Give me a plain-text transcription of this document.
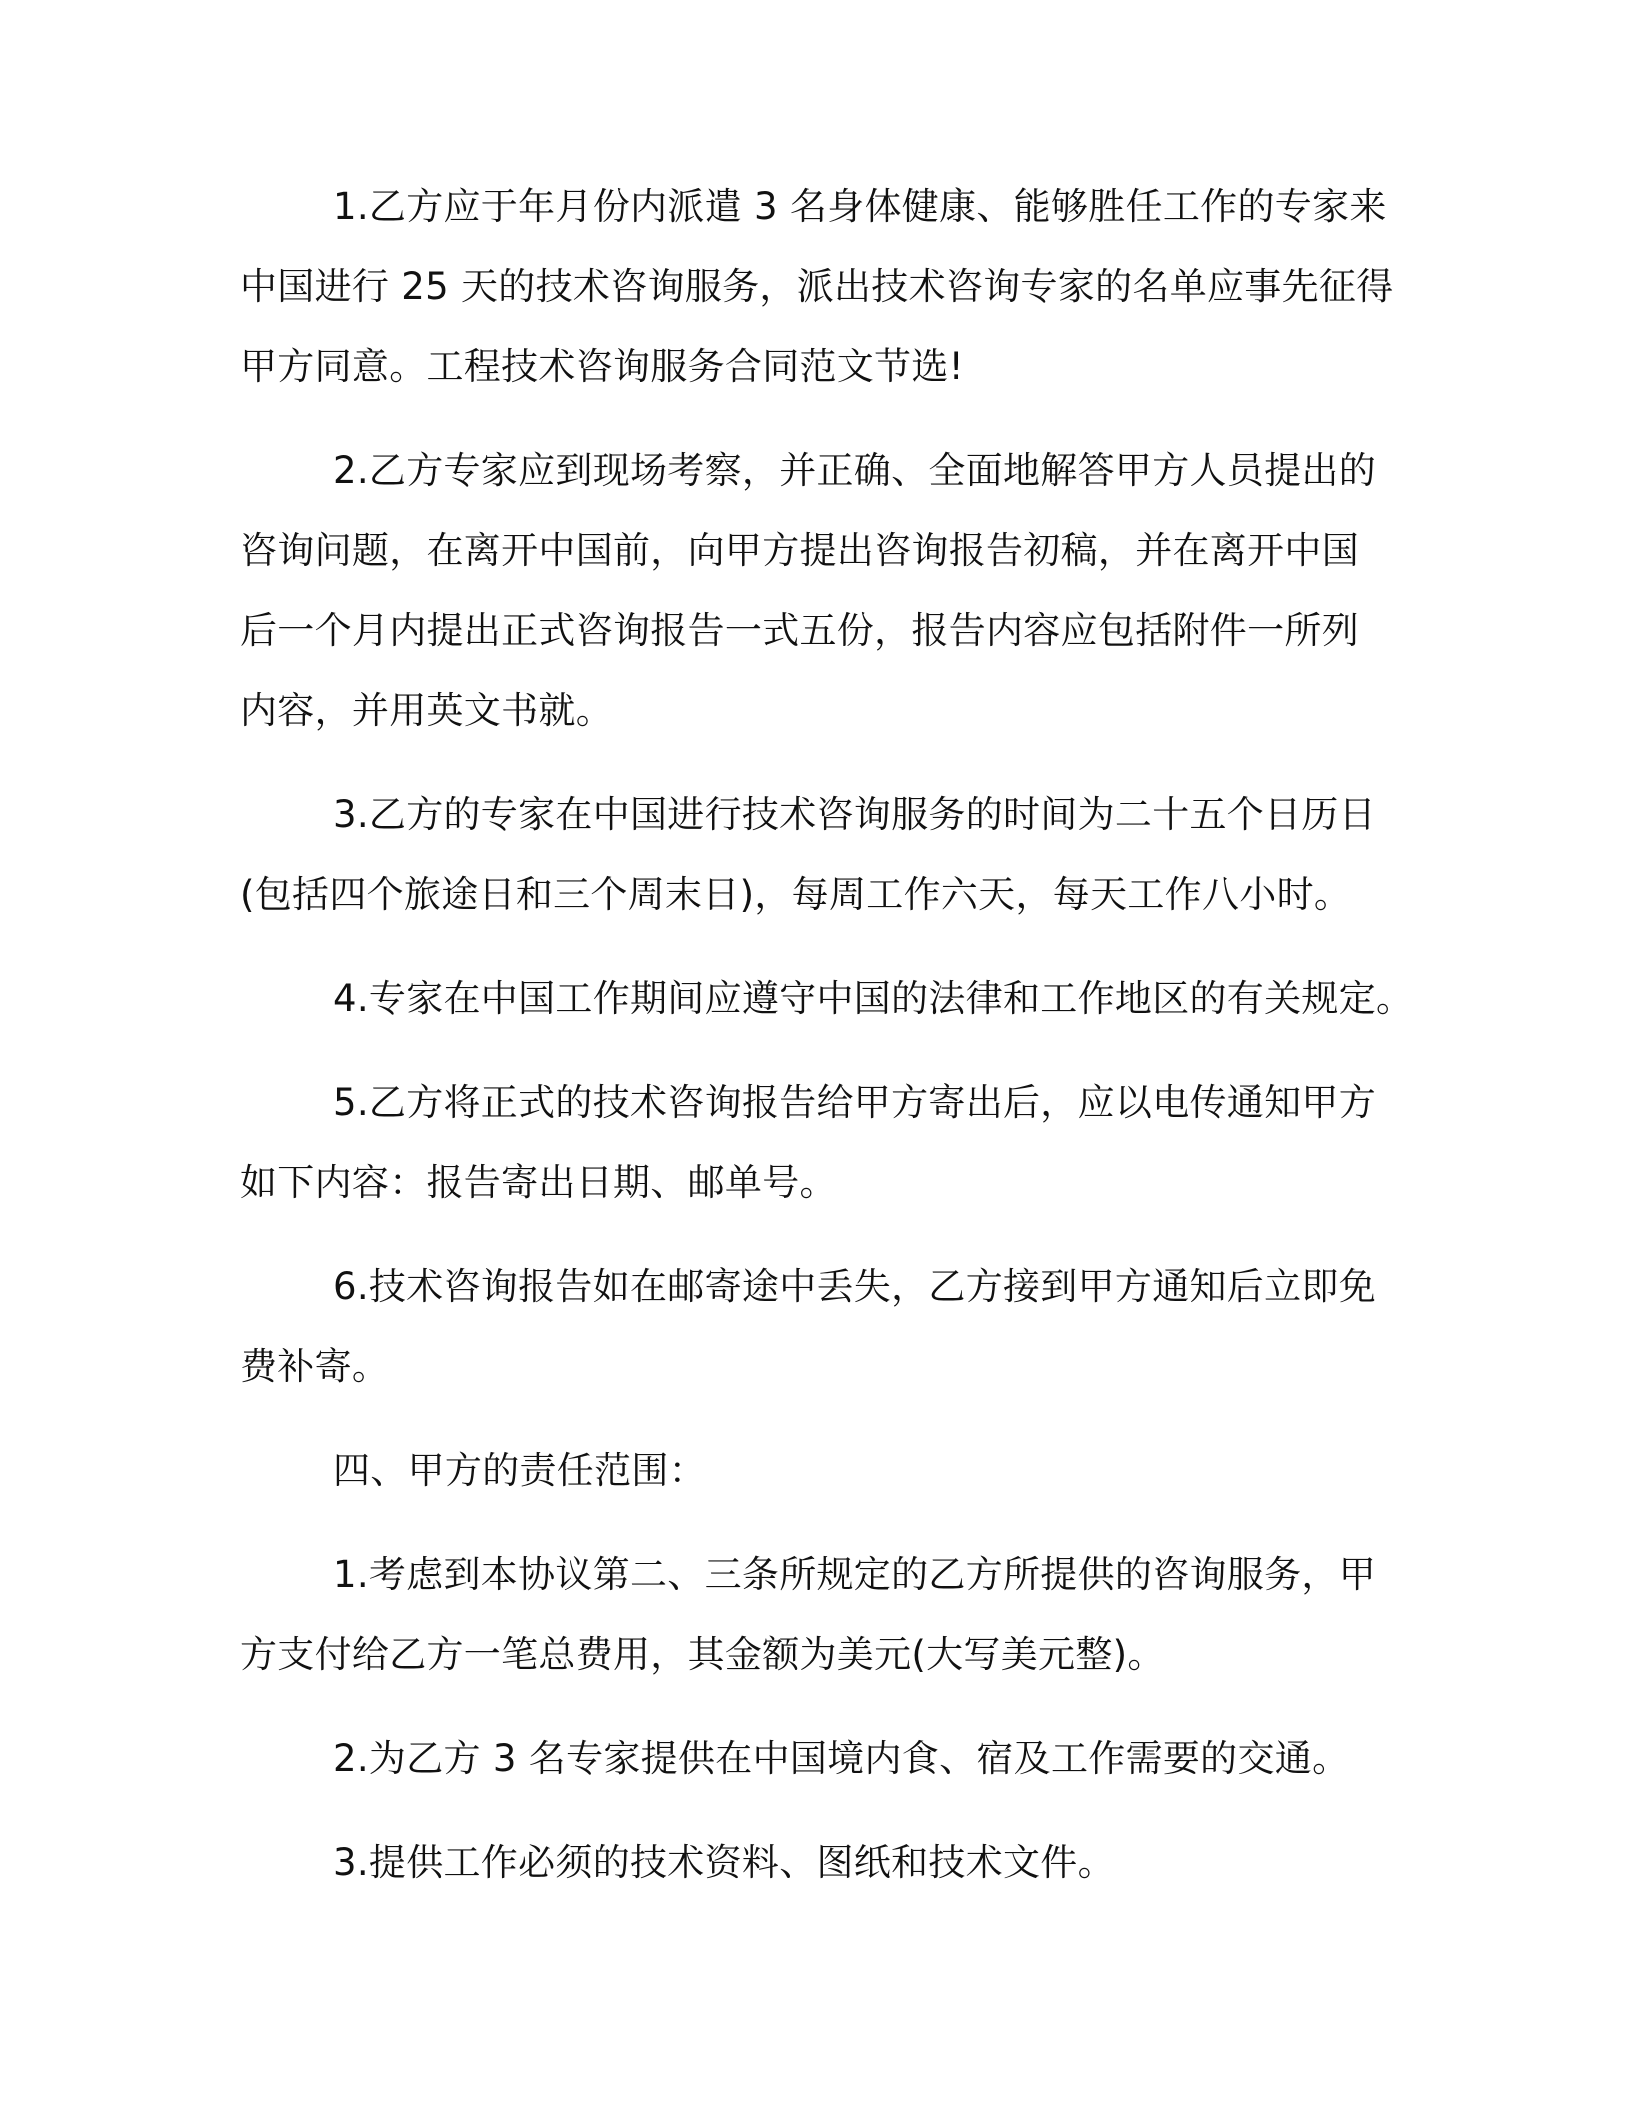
1.乙方应于年月份内派遣 3 名身体健康、能够胜任工作的专家来

中国进行 25 天的技术咨询服务，派出技术咨询专家的名单应事先征得

甲方同意。工程技术咨询服务合同范文节选!

2.乙方专家应到现场考察，并正确、全面地解答甲方人员提出的

咨询问题，在离开中国前，向甲方提出咨询报告初稿，并在离开中国

后一个月内提出正式咨询报告一式五份，报告内容应包括附件一所列

内容，并用英文书就。

3.乙方的专家在中国进行技术咨询服务的时间为二十五个日历日

(包括四个旅途日和三个周末日)，每周工作六天，每天工作八小时。

4.专家在中国工作期间应遵守中国的法律和工作地区的有关规定。

5.乙方将正式的技术咨询报告给甲方寄出后，应以电传通知甲方

如下内容：报告寄出日期、邮单号。

6.技术咨询报告如在邮寄途中丢失，乙方接到甲方通知后立即免

费补寄。

四、甲方的责任范围：

1.考虑到本协议第二、三条所规定的乙方所提供的咨询服务，甲

方支付给乙方一笔总费用，其金额为美元(大写美元整)。

2.为乙方 3 名专家提供在中国境内食、宿及工作需要的交通。

3.提供工作必须的技术资料、图纸和技术文件。
